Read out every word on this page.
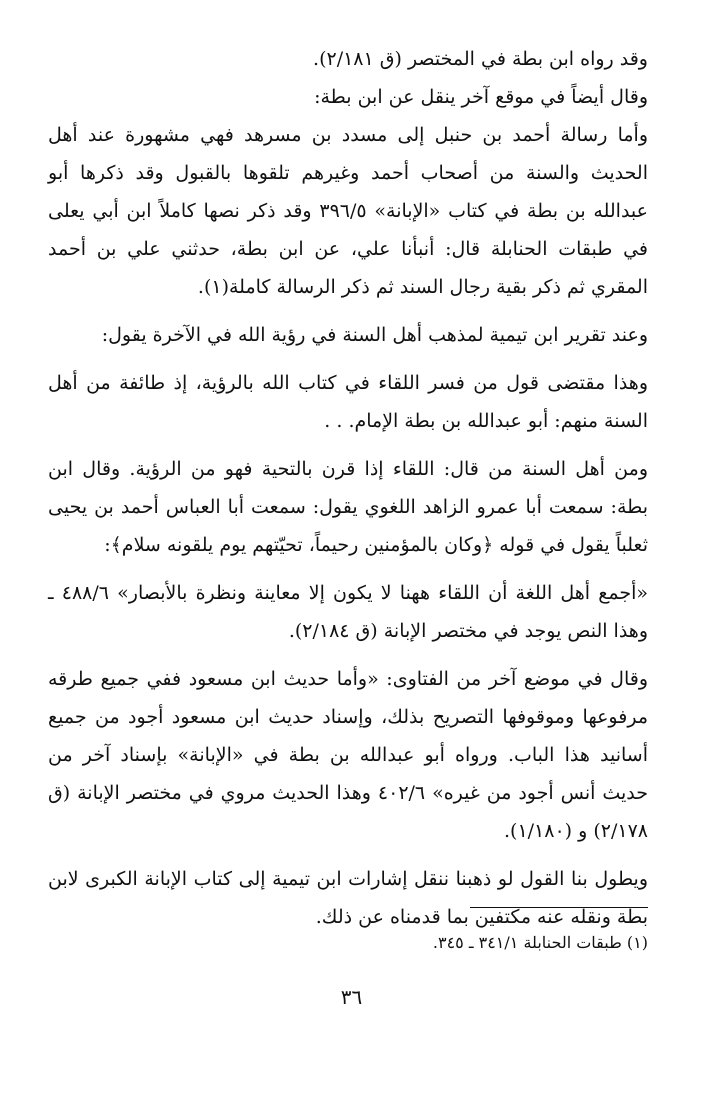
وقد رواه ابن بطة في المختصر (ق ٢/١٨١).

وقال أيضاً في موقع آخر ينقل عن ابن بطة:

وأما رسالة أحمد بن حنبل إلى مسدد بن مسرهد فهي مشهورة عند أهل الحديث والسنة من أصحاب أحمد وغيرهم تلقوها بالقبول وقد ذكرها أبو عبدالله بن بطة في كتاب «الإبانة» ٣٩٦/٥ وقد ذكر نصها كاملاً ابن أبي يعلى في طبقات الحنابلة قال: أنبأنا علي، عن ابن بطة، حدثني علي بن أحمد المقري ثم ذكر بقية رجال السند ثم ذكر الرسالة كاملة(١).

وعند تقرير ابن تيمية لمذهب أهل السنة في رؤية الله في الآخرة يقول:

وهذا مقتضى قول من فسر اللقاء في كتاب الله بالرؤية، إذ طائفة من أهل السنة منهم: أبو عبدالله بن بطة الإمام. . .

ومن أهل السنة من قال: اللقاء إذا قرن بالتحية فهو من الرؤية. وقال ابن بطة: سمعت أبا عمرو الزاهد اللغوي يقول: سمعت أبا العباس أحمد بن يحيى ثعلباً يقول في قوله ﴿وكان بالمؤمنين رحيماً، تحيّتهم يوم يلقونه سلام﴾:

«أجمع أهل اللغة أن اللقاء ههنا لا يكون إلا معاينة ونظرة بالأبصار» ٤٨٨/٦ ـ وهذا النص يوجد في مختصر الإبانة (ق ٢/١٨٤).

وقال في موضع آخر من الفتاوى: «وأما حديث ابن مسعود ففي جميع طرقه مرفوعها وموقوفها التصريح بذلك، وإسناد حديث ابن مسعود أجود من جميع أسانيد هذا الباب. ورواه أبو عبدالله بن بطة في «الإبانة» بإسناد آخر من حديث أنس أجود من غيره» ٤٠٢/٦ وهذا الحديث مروي في مختصر الإبانة (ق ٢/١٧٨) و (١/١٨٠).

ويطول بنا القول لو ذهبنا ننقل إشارات ابن تيمية إلى كتاب الإبانة الكبرى لابن بطة ونقله عنه مكتفين بما قدمناه عن ذلك.

(١) طبقات الحنابلة ٣٤١/١ ـ ٣٤٥.
٣٦
